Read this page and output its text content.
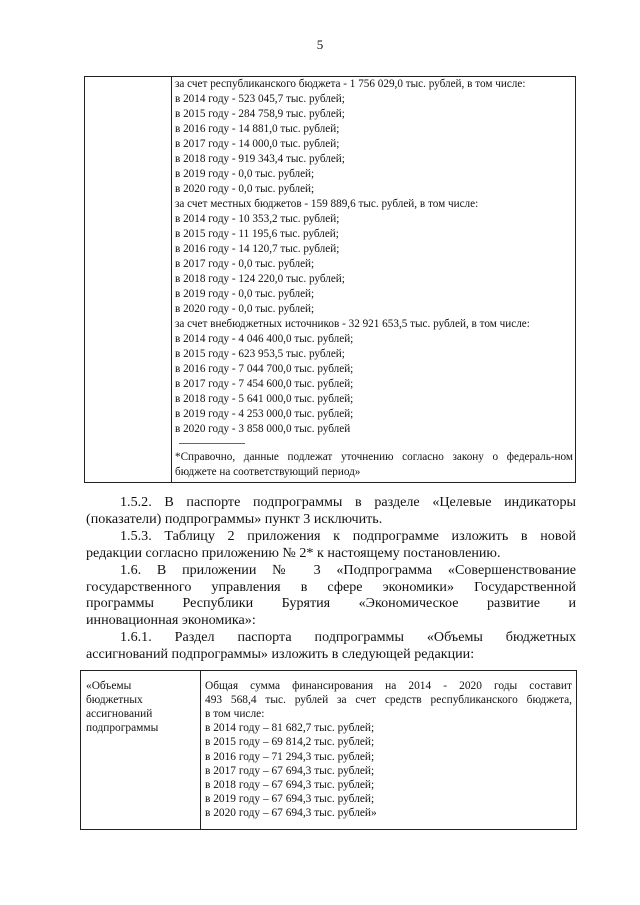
5
за счет республиканского бюджета - 1 756 029,0 тыс. рублей, в том числе:
в 2014 году - 523 045,7 тыс. рублей;
в 2015 году - 284 758,9 тыс. рублей;
в 2016 году - 14 881,0 тыс. рублей;
в 2017 году - 14 000,0 тыс. рублей;
в 2018 году - 919 343,4 тыс. рублей;
в 2019 году - 0,0 тыс. рублей;
в 2020 году - 0,0 тыс. рублей;
за счет местных бюджетов - 159 889,6 тыс. рублей, в том числе:
в 2014 году - 10 353,2 тыс. рублей;
в 2015 году - 11 195,6 тыс. рублей;
в 2016 году - 14 120,7 тыс. рублей;
в 2017 году - 0,0 тыс. рублей;
в 2018 году - 124 220,0 тыс. рублей;
в 2019 году - 0,0 тыс. рублей;
в 2020 году - 0,0 тыс. рублей;
за счет внебюджетных источников - 32 921 653,5 тыс. рублей, в том числе:
в 2014 году - 4 046 400,0 тыс. рублей;
в 2015 году - 623 953,5 тыс. рублей;
в 2016 году - 7 044 700,0 тыс. рублей;
в 2017 году - 7 454 600,0 тыс. рублей;
в 2018 году - 5 641 000,0 тыс. рублей;
в 2019 году - 4 253 000,0 тыс. рублей;
в 2020 году - 3 858 000,0 тыс. рублей
*Справочно, данные подлежат уточнению согласно закону о федераль-ном бюджете на соответствующий период»
1.5.2. В паспорте подпрограммы в разделе «Целевые индикаторы
(показатели) подпрограммы» пункт 3 исключить.
1.5.3. Таблицу 2 приложения к подпрограмме изложить в новой
редакции согласно приложению № 2* к настоящему постановлению.
1.6. В приложении № 3 «Подпрограмма «Совершенствование
государственного управления в сфере экономики» Государственной
программы Республики Бурятия «Экономическое развитие и
инновационная экономика»:
1.6.1. Раздел паспорта подпрограммы «Объемы бюджетных
ассигнований подпрограммы» изложить в следующей редакции:
«Объемы
бюджетных
ассигнований
подпрограммы
Общая сумма финансирования на 2014 - 2020 годы составит
493 568,4 тыс. рублей за счет средств республиканского бюджета,
в том числе:
в 2014 году – 81 682,7 тыс. рублей;
в 2015 году – 69 814,2 тыс. рублей;
в 2016 году – 71 294,3 тыс. рублей;
в 2017 году – 67 694,3 тыс. рублей;
в 2018 году – 67 694,3 тыс. рублей;
в 2019 году – 67 694,3 тыс. рублей;
в 2020 году – 67 694,3 тыс. рублей»
